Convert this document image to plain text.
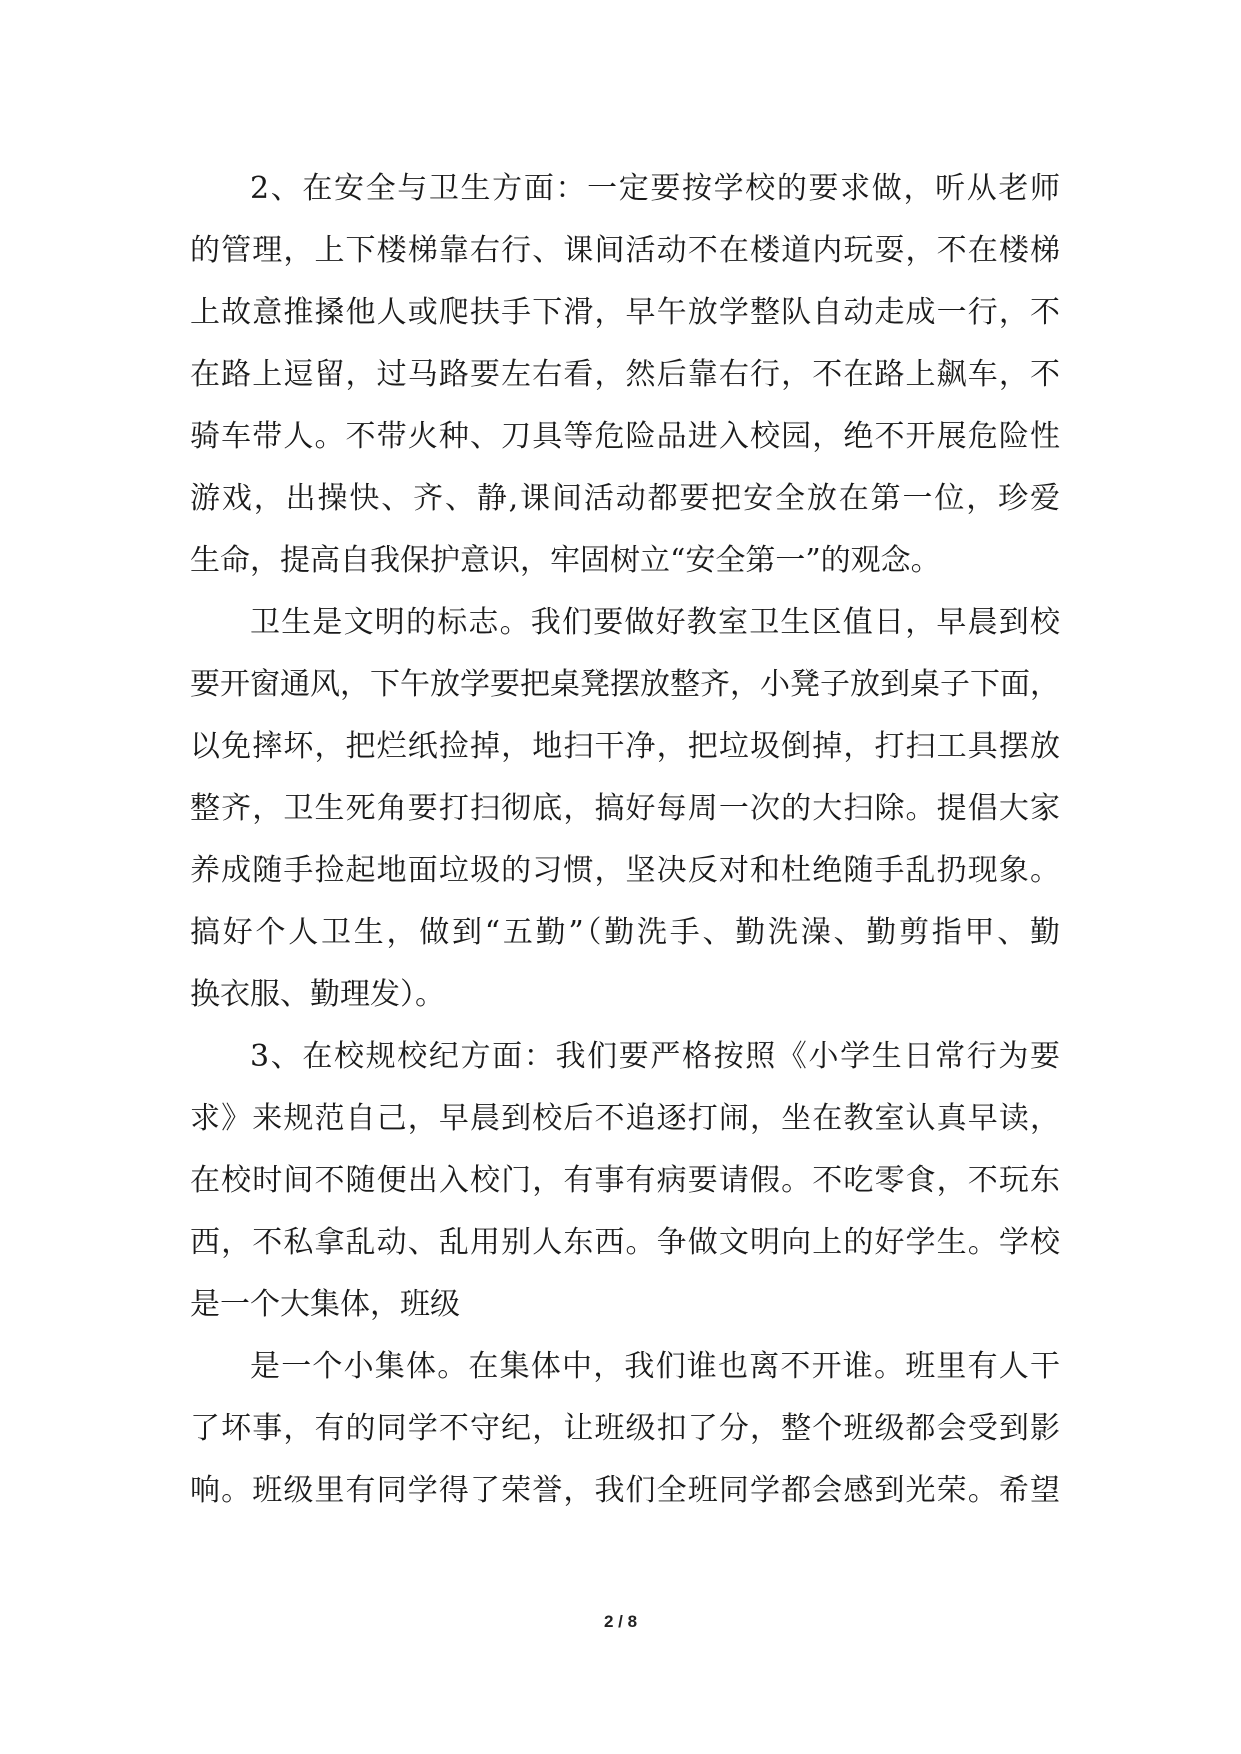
2、在安全与卫生方面：一定要按学校的要求做，听从老师
的管理，上下楼梯靠右行、课间活动不在楼道内玩耍，不在楼梯
上故意推搡他人或爬扶手下滑，早午放学整队自动走成一行，不
在路上逗留，过马路要左右看，然后靠右行，不在路上飙车，不
骑车带人。不带火种、刀具等危险品进入校园，绝不开展危险性
游戏，出操快、齐、静,课间活动都要把安全放在第一位，珍爱
生命，提高自我保护意识，牢固树立“安全第一”的观念。
卫生是文明的标志。我们要做好教室卫生区值日，早晨到校
要开窗通风，下午放学要把桌凳摆放整齐，小凳子放到桌子下面，
以免摔坏，把烂纸捡掉，地扫干净，把垃圾倒掉，打扫工具摆放
整齐，卫生死角要打扫彻底，搞好每周一次的大扫除。提倡大家
养成随手捡起地面垃圾的习惯，坚决反对和杜绝随手乱扔现象。
搞好个人卫生，做到“五勤”（勤洗手、勤洗澡、勤剪指甲、勤
换衣服、勤理发）。
3、在校规校纪方面：我们要严格按照《小学生日常行为要
求》来规范自己，早晨到校后不追逐打闹，坐在教室认真早读，
在校时间不随便出入校门，有事有病要请假。不吃零食，不玩东
西，不私拿乱动、乱用别人东西。争做文明向上的好学生。学校
是一个大集体，班级
是一个小集体。在集体中，我们谁也离不开谁。班里有人干
了坏事，有的同学不守纪，让班级扣了分，整个班级都会受到影
响。班级里有同学得了荣誉，我们全班同学都会感到光荣。希望
2 / 8
